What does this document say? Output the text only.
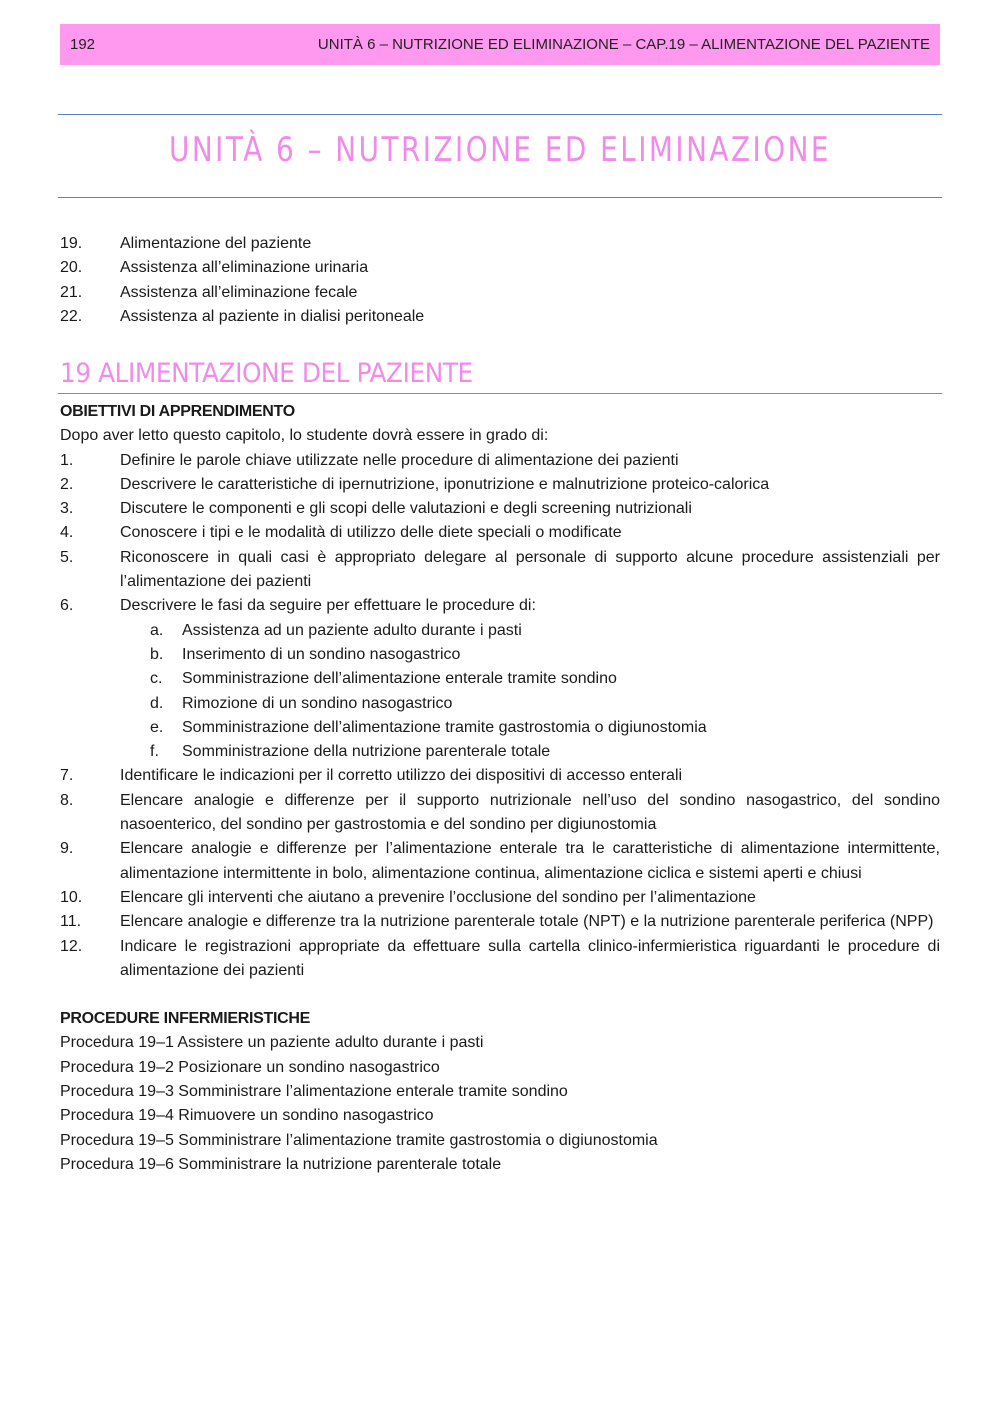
192	UNITÀ 6 – NUTRIZIONE ED ELIMINAZIONE – CAP.19 – ALIMENTAZIONE DEL PAZIENTE
UNITÀ 6 – NUTRIZIONE ED ELIMINAZIONE
19.	Alimentazione del paziente
20.	Assistenza all’eliminazione urinaria
21.	Assistenza all’eliminazione fecale
22.	Assistenza al paziente in dialisi peritoneale
19 ALIMENTAZIONE DEL PAZIENTE
OBIETTIVI DI APPRENDIMENTO

Dopo aver letto questo capitolo, lo studente dovrà essere in grado di:

1.	Definire le parole chiave utilizzate nelle procedure di alimentazione dei pazienti
2.	Descrivere le caratteristiche di ipernutrizione, iponutrizione e malnutrizione proteico-calorica
3.	Discutere le componenti e gli scopi delle valutazioni e degli screening nutrizionali
4.	Conoscere i tipi e le modalità di utilizzo delle diete speciali o modificate
5.	Riconoscere in quali casi è appropriato delegare al personale di supporto alcune procedure assistenziali per l’alimentazione dei pazienti
6.	Descrivere le fasi da seguire per effettuare le procedure di:
a.	Assistenza ad un paziente adulto durante i pasti
b.	Inserimento di un sondino nasogastrico
c.	Somministrazione dell’alimentazione enterale tramite sondino
d.	Rimozione di un sondino nasogastrico
e.	Somministrazione dell’alimentazione tramite gastrostomia o digiunostomia
f.	Somministrazione della nutrizione parenterale totale
7.	Identificare le indicazioni per il corretto utilizzo dei dispositivi di accesso enterali
8.	Elencare analogie e differenze per il supporto nutrizionale nell’uso del sondino nasogastrico, del sondino nasoenterico, del sondino per gastrostomia e del sondino per digiunostomia
9.	Elencare analogie e differenze per l’alimentazione enterale tra le caratteristiche di alimentazione intermittente, alimentazione intermittente in bolo, alimentazione continua, alimentazione ciclica e sistemi aperti e chiusi
10.	Elencare gli interventi che aiutano a prevenire l’occlusione del sondino per l’alimentazione
11.	Elencare analogie e differenze tra la nutrizione parenterale totale (NPT) e la nutrizione parenterale periferica (NPP)
12.	Indicare le registrazioni appropriate da effettuare sulla cartella clinico-infermieristica riguardanti le procedure di alimentazione dei pazienti
PROCEDURE INFERMIERISTICHE

Procedura 19–1 Assistere un paziente adulto durante i pasti

Procedura 19–2 Posizionare un sondino nasogastrico

Procedura 19–3 Somministrare l’alimentazione enterale tramite sondino

Procedura 19–4 Rimuovere un sondino nasogastrico

Procedura 19–5 Somministrare l’alimentazione tramite gastrostomia o digiunostomia

Procedura 19–6 Somministrare la nutrizione parenterale totale
